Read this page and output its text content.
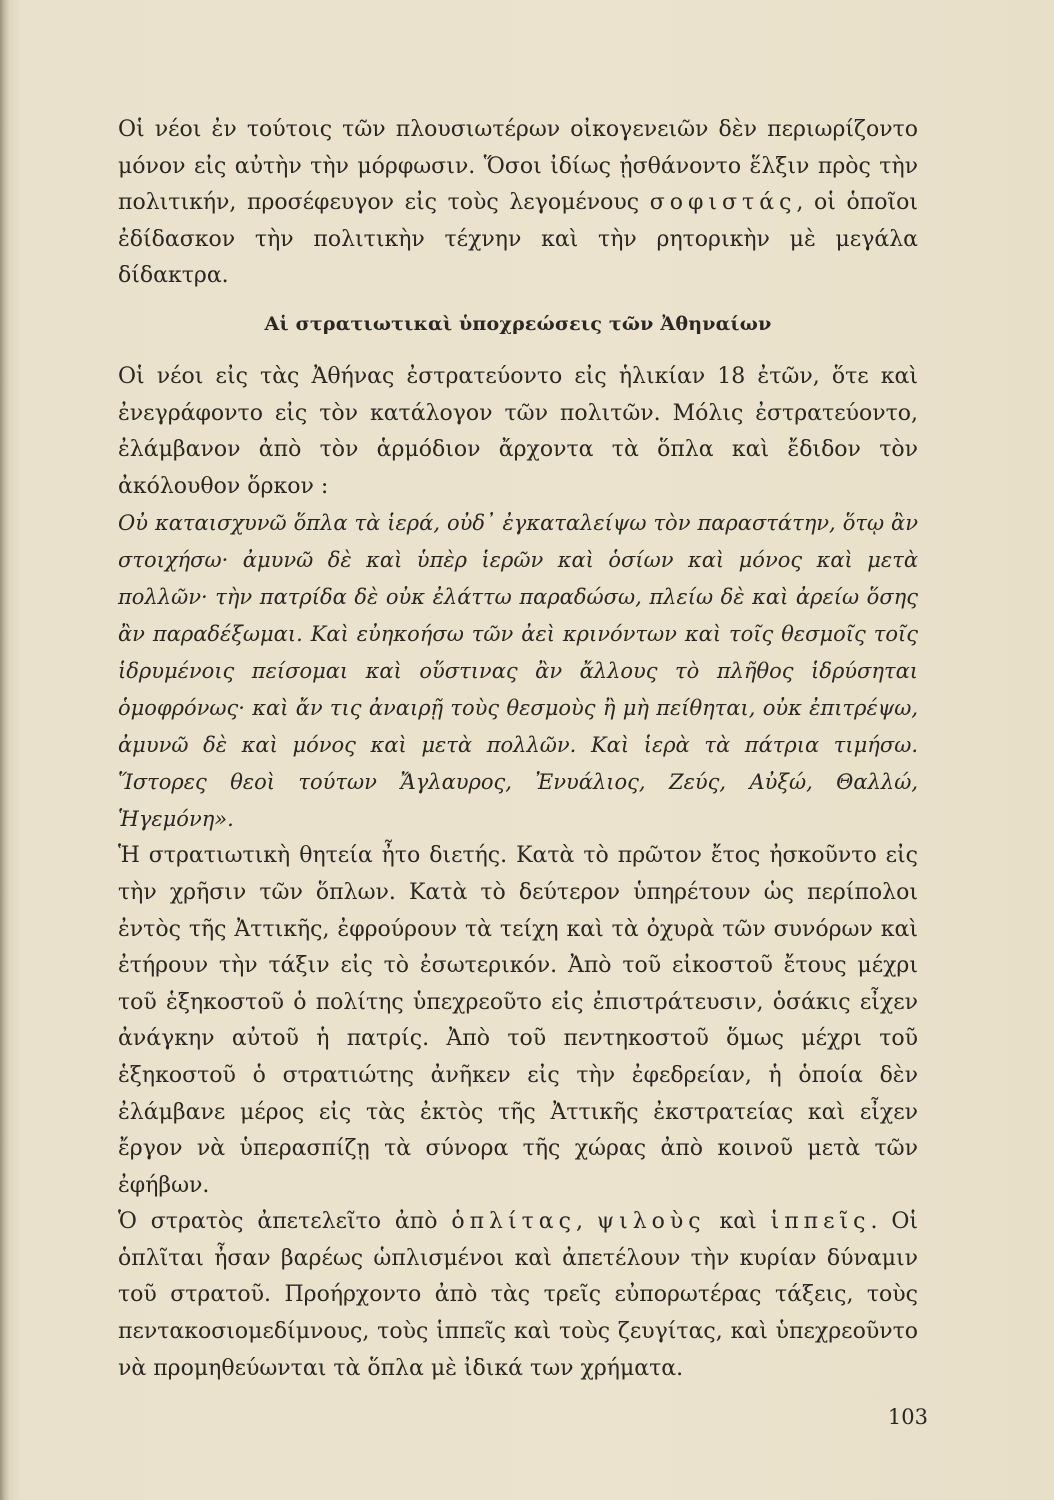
Οἱ νέοι ἐν τούτοις τῶν πλουσιωτέρων οἰκογενειῶν δὲν περιωρίζοντο μόνον εἰς αὐτὴν τὴν μόρφωσιν. Ὅσοι ἰδίως ᾐσθάνοντο ἕλξιν πρὸς τὴν πολιτικήν, προσέφευγον εἰς τοὺς λεγομένους σοφιστάς, οἱ ὁποῖοι ἐδίδασκον τὴν πολιτικὴν τέχνην καὶ τὴν ρητορικὴν μὲ μεγάλα δίδακτρα.

Αἱ στρατιωτικαὶ ὑποχρεώσεις τῶν Ἀθηναίων

Οἱ νέοι εἰς τὰς Ἀθήνας ἐστρατεύοντο εἰς ἡλικίαν 18 ἐτῶν, ὅτε καὶ ἐνεγράφοντο εἰς τὸν κατάλογον τῶν πολιτῶν. Μόλις ἐστρατεύοντο, ἐλάμβανον ἀπὸ τὸν ἁρμόδιον ἄρχοντα τὰ ὅπλα καὶ ἔδιδον τὸν ἀκόλουθον ὅρκον :

Οὐ καταισχυνῶ ὅπλα τὰ ἱερά, οὐδ᾽ ἐγκαταλείψω τὸν παραστάτην, ὅτῳ ἂν στοιχήσω· ἀμυνῶ δὲ καὶ ὑπὲρ ἱερῶν καὶ ὁσίων καὶ μόνος καὶ μετὰ πολλῶν· τὴν πατρίδα δὲ οὐκ ἐλάττω παραδώσω, πλείω δὲ καὶ ἀρείω ὅσης ἂν παραδέξωμαι. Καὶ εὐηκοήσω τῶν ἀεὶ κρινόντων καὶ τοῖς θεσμοῖς τοῖς ἱδρυμένοις πείσομαι καὶ οὕστινας ἂν ἄλλους τὸ πλῆθος ἱδρύσηται ὁμοφρόνως· καὶ ἄν τις ἀναιρῇ τοὺς θεσμοὺς ἢ μὴ πείθηται, οὐκ ἐπιτρέψω, ἀμυνῶ δὲ καὶ μόνος καὶ μετὰ πολλῶν. Καὶ ἱερὰ τὰ πάτρια τιμήσω. Ἵστορες θεοὶ τούτων Ἄγλαυρος, Ἐνυάλιος, Ζεύς, Αὐξώ, Θαλλώ, Ἡγεμόνη».

Ἡ στρατιωτικὴ θητεία ἦτο διετής. Κατὰ τὸ πρῶτον ἔτος ἠσκοῦντο εἰς τὴν χρῆσιν τῶν ὅπλων. Κατὰ τὸ δεύτερον ὑπηρέτουν ὡς περίπολοι ἐντὸς τῆς Ἀττικῆς, ἐφρούρουν τὰ τείχη καὶ τὰ ὀχυρὰ τῶν συνόρων καὶ ἐτήρουν τὴν τάξιν εἰς τὸ ἐσωτερικόν. Ἀπὸ τοῦ εἰκοστοῦ ἔτους μέχρι τοῦ ἑξηκοστοῦ ὁ πολίτης ὑπεχρεοῦτο εἰς ἐπιστράτευσιν, ὁσάκις εἶχεν ἀνάγκην αὐτοῦ ἡ πατρίς. Ἀπὸ τοῦ πεντηκοστοῦ ὅμως μέχρι τοῦ ἑξηκοστοῦ ὁ στρατιώτης ἀνῆκεν εἰς τὴν ἐφεδρείαν, ἡ ὁποία δὲν ἐλάμβανε μέρος εἰς τὰς ἐκτὸς τῆς Ἀττικῆς ἐκστρατείας καὶ εἶχεν ἔργον νὰ ὑπερασπίζῃ τὰ σύνορα τῆς χώρας ἀπὸ κοινοῦ μετὰ τῶν ἐφήβων.

Ὁ στρατὸς ἀπετελεῖτο ἀπὸ ὁπλίτας, ψιλοὺς καὶ ἱππεῖς. Οἱ ὁπλῖται ἦσαν βαρέως ὡπλισμένοι καὶ ἀπετέλουν τὴν κυρίαν δύναμιν τοῦ στρατοῦ. Προήρχοντο ἀπὸ τὰς τρεῖς εὐπορωτέρας τάξεις, τοὺς πεντακοσιομεδίμνους, τοὺς ἱππεῖς καὶ τοὺς ζευγίτας, καὶ ὑπεχρεοῦντο νὰ προμηθεύωνται τὰ ὅπλα μὲ ἰδικά των χρήματα.

103
